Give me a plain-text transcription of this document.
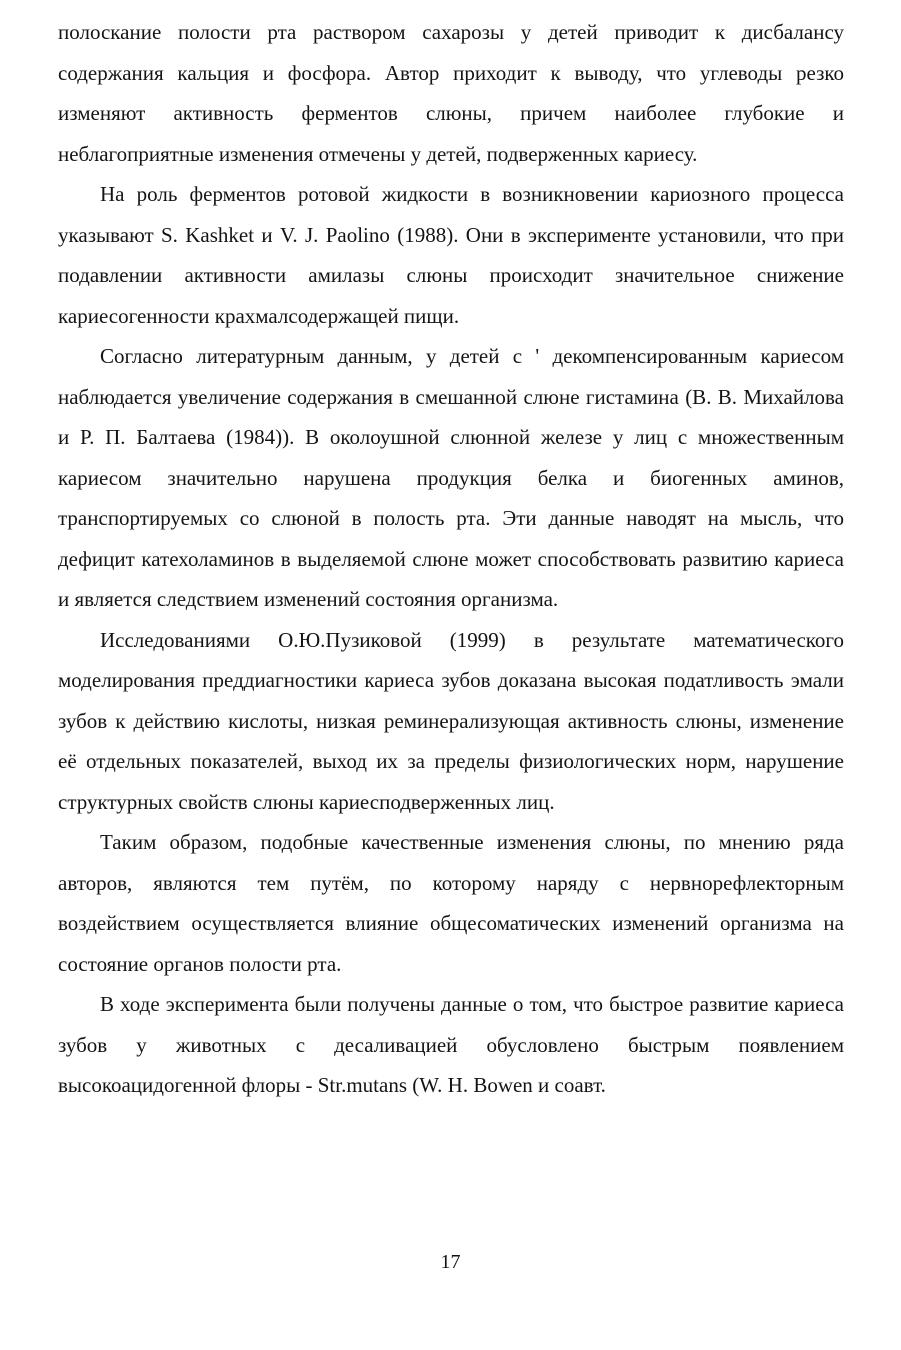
полоскание полости рта раствором сахарозы у детей приводит к дисбалансу содержания кальция и фосфора. Автор приходит к выводу, что углеводы резко изменяют активность ферментов слюны, причем наиболее глубокие и неблагоприятные изменения отмечены у детей, подверженных кариесу.

На роль ферментов ротовой жидкости в возникновении кариозного процесса указывают S. Kashket и V. J. Paolino (1988). Они в эксперименте установили, что при подавлении активности амилазы слюны происходит значительное снижение кариесогенности крахмалсодержащей пищи.

Согласно литературным данным, у детей с ' декомпенсированным кариесом наблюдается увеличение содержания в смешанной слюне гистамина (В. В. Михайлова и Р. П. Балтаева (1984)). В околоушной слюнной железе у лиц с множественным кариесом значительно нарушена продукция белка и биогенных аминов, транспортируемых со слюной в полость рта. Эти данные наводят на мысль, что дефицит катехоламинов в выделяемой слюне может способствовать развитию кариеса и является следствием изменений состояния организма.

Исследованиями О.Ю.Пузиковой (1999) в результате математического моделирования преддиагностики кариеса зубов доказана высокая податливость эмали зубов к действию кислоты, низкая реминерализующая активность слюны, изменение её отдельных показателей, выход их за пределы физиологических норм, нарушение структурных свойств слюны кариесподверженных лиц.

Таким образом, подобные качественные изменения слюны, по мнению ряда авторов, являются тем путём, по которому наряду с нервнорефлекторным воздействием осуществляется влияние общесоматических изменений организма на состояние органов полости рта.

В ходе эксперимента были получены данные о том, что быстрое развитие кариеса зубов у животных с десаливацией обусловлено быстрым появлением высокоацидогенной флоры - Str.mutans (W. H. Bowen и соавт.

17
